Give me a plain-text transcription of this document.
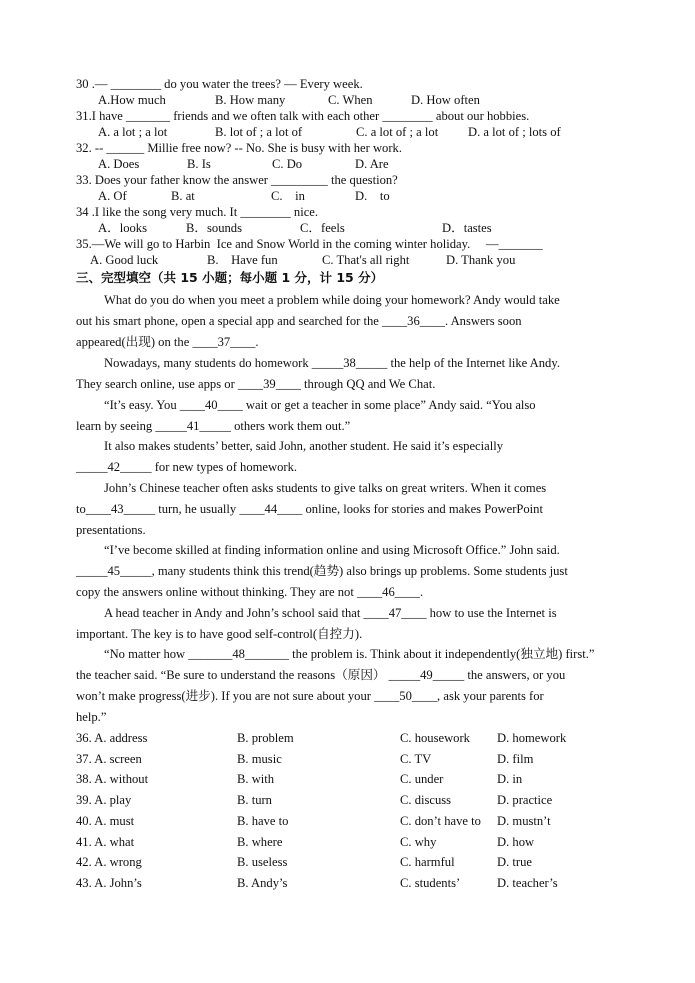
30 .— ________ do you water the trees? — Every week.
A.How much	B. How many	C. When	D. How often
31.I have _______ friends and we often talk with each other ________ about our hobbies.
A. a lot ; a lot	B. lot of ; a lot of	C. a lot of ; a lot D. a lot of ; lots of
32. -- ______ Millie free now? -- No. She is busy with her work.
A. Does	B. Is	C. Do	D. Are
33. Does your father know the answer _________ the question?
A. Of	B. at	C.    in	D.    to
34 .I like the song very much. It ________ nice.
A．looks	B．sounds	C．feels	D．tastes
35.—We will go to Harbin  Ice and Snow World in the coming winter holiday.     —_______
A. Good luck	B.    Have fun	C. That's all right	D. Thank you
三、完型填空（共 15 小题；每小题 1 分，计 15 分）
What do you do when you meet a problem while doing your homework? Andy would take
out his smart phone, open a special app and searched for the ____36____. Answers soon
appeared(出现) on the ____37____.
Nowadays, many students do homework _____38_____ the help of the Internet like Andy.
They search online, use apps or ____39____ through QQ and We Chat.
“It’s easy. You ____40____ wait or get a teacher in some place” Andy said. “You also
learn by seeing _____41_____ others work them out.”
It also makes students’ better, said John, another student. He said it’s especially
_____42_____ for new types of homework.
John’s Chinese teacher often asks students to give talks on great writers. When it comes
to____43_____ turn, he usually ____44____ online, looks for stories and makes PowerPoint
presentations.
“I’ve become skilled at finding information online and using Microsoft Office.” John said.
_____45_____, many students think this trend(趋势) also brings up problems. Some students just
copy the answers online without thinking. They are not ____46____.
A head teacher in Andy and John’s school said that ____47____ how to use the Internet is
important. The key is to have good self-control(自控力).
“No matter how _______48_______ the problem is. Think about it independently(独立地) first.”
the teacher said. “Be sure to understand the reasons（原因） _____49_____ the answers, or you
won’t make progress(进步). If you are not sure about your ____50____, ask your parents for
help.”
36. A. address	B. problem	C. housework D. homework
37. A. screen	B. music	C. TV	D. film
38. A. without	B. with	C. under	D. in
39. A. play	B. turn	C. discuss	D. practice
40. A. must	B. have to	C. don’t have to D. mustn’t
41. A. what	B. where	C. why	D. how
42. A. wrong	B. useless	C. harmful	D. true
43. A. John’s	B. Andy’s	C. students’	D. teacher’s
